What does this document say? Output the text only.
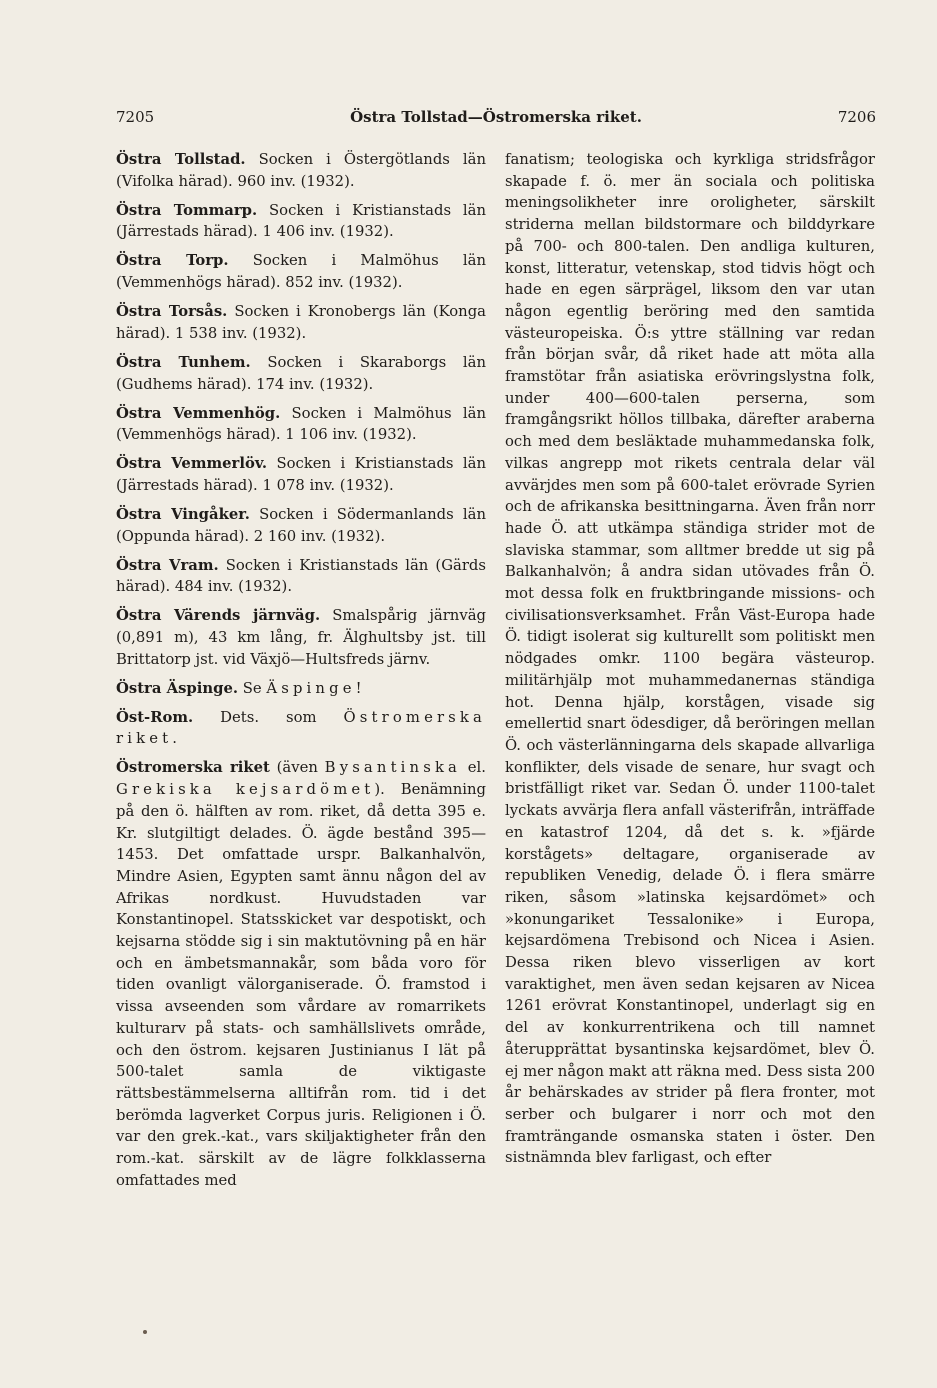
7205	Östra Tollstad—Östromerska riket.	7206

Östra Tollstad. Socken i Östergötlands län (Vifolka härad). 960 inv. (1932).

Östra Tommarp. Socken i Kristianstads län (Järrestads härad). 1 406 inv. (1932).

Östra Torp. Socken i Malmöhus län (Vemmenhögs härad). 852 inv. (1932).

Östra Torsås. Socken i Kronobergs län (Konga härad). 1 538 inv. (1932).

Östra Tunhem. Socken i Skaraborgs län (Gudhems härad). 174 inv. (1932).

Östra Vemmenhög. Socken i Malmöhus län (Vemmenhögs härad). 1 106 inv. (1932).

Östra Vemmerlöv. Socken i Kristianstads län (Järrestads härad). 1 078 inv. (1932).

Östra Vingåker. Socken i Södermanlands län (Oppunda härad). 2 160 inv. (1932).

Östra Vram. Socken i Kristianstads län (Gärds härad). 484 inv. (1932).

Östra Värends järnväg. Smalspårig järnväg (0,891 m), 43 km lång, fr. Älghultsby jst. till Brittatorp jst. vid Växjö—Hultsfreds järnv.

Östra Äspinge. Se Äspinge!

Öst-Rom. Dets. som Östromerska riket.

Östromerska riket (även Bysantinska el. Grekiska kejsardömet). Benämning på den ö. hälften av rom. riket, då detta 395 e. Kr. slutgiltigt delades. Ö. ägde bestånd 395—1453. Det omfattade urspr. Balkanhalvön, Mindre Asien, Egypten samt ännu någon del av Afrikas nordkust. Huvudstaden var Konstantinopel. Statsskicket var despotiskt, och kejsarna stödde sig i sin maktutövning på en här och en ämbetsmannakår, som båda voro för tiden ovanligt välorganiserade. Ö. framstod i vissa avseenden som vårdare av romarrikets kulturarv på stats- och samhällslivets område, och den östrom. kejsaren Justinianus I lät på 500-talet samla de viktigaste rättsbestämmelserna alltifrån rom. tid i det berömda lagverket Corpus juris. Religionen i Ö. var den grek.-kat., vars skiljaktigheter från den rom.-kat. särskilt av de lägre folkklasserna omfattades med

fanatism; teologiska och kyrkliga stridsfrågor skapade f. ö. mer än sociala och politiska meningsolikheter inre oroligheter, särskilt striderna mellan bildstormare och bilddyrkare på 700- och 800-talen. Den andliga kulturen, konst, litteratur, vetenskap, stod tidvis högt och hade en egen särprägel, liksom den var utan någon egentlig beröring med den samtida västeuropeiska. Ö:s yttre ställning var redan från början svår, då riket hade att möta alla framstötar från asiatiska erövringslystna folk, under 400—600-talen perserna, som framgångsrikt höllos tillbaka, därefter araberna och med dem besläktade muhammedanska folk, vilkas angrepp mot rikets centrala delar väl avvärjdes men som på 600-talet erövrade Syrien och de afrikanska besittningarna. Även från norr hade Ö. att utkämpa ständiga strider mot de slaviska stammar, som alltmer bredde ut sig på Balkanhalvön; å andra sidan utövades från Ö. mot dessa folk en fruktbringande missions- och civilisationsverksamhet. Från Väst-Europa hade Ö. tidigt isolerat sig kulturellt som politiskt men nödgades omkr. 1100 begära västeurop. militärhjälp mot muhammedanernas ständiga hot. Denna hjälp, korstågen, visade sig emellertid snart ödesdiger, då beröringen mellan Ö. och västerlänningarna dels skapade allvarliga konflikter, dels visade de senare, hur svagt och bristfälligt riket var. Sedan Ö. under 1100-talet lyckats avvärja flera anfall västerifrån, inträffade en katastrof 1204, då det s. k. »fjärde korstågets» deltagare, organiserade av republiken Venedig, delade Ö. i flera smärre riken, såsom »latinska kejsardömet» och »konungariket Tessalonike» i Europa, kejsardömena Trebisond och Nicea i Asien. Dessa riken blevo visserligen av kort varaktighet, men även sedan kejsaren av Nicea 1261 erövrat Konstantinopel, underlagt sig en del av konkurrentrikena och till namnet återupprättat bysantinska kejsardömet, blev Ö. ej mer någon makt att räkna med. Dess sista 200 år behärskades av strider på flera fronter, mot serber och bulgarer i norr och mot den framträngande osmanska staten i öster. Den sistnämnda blev farligast, och efter
